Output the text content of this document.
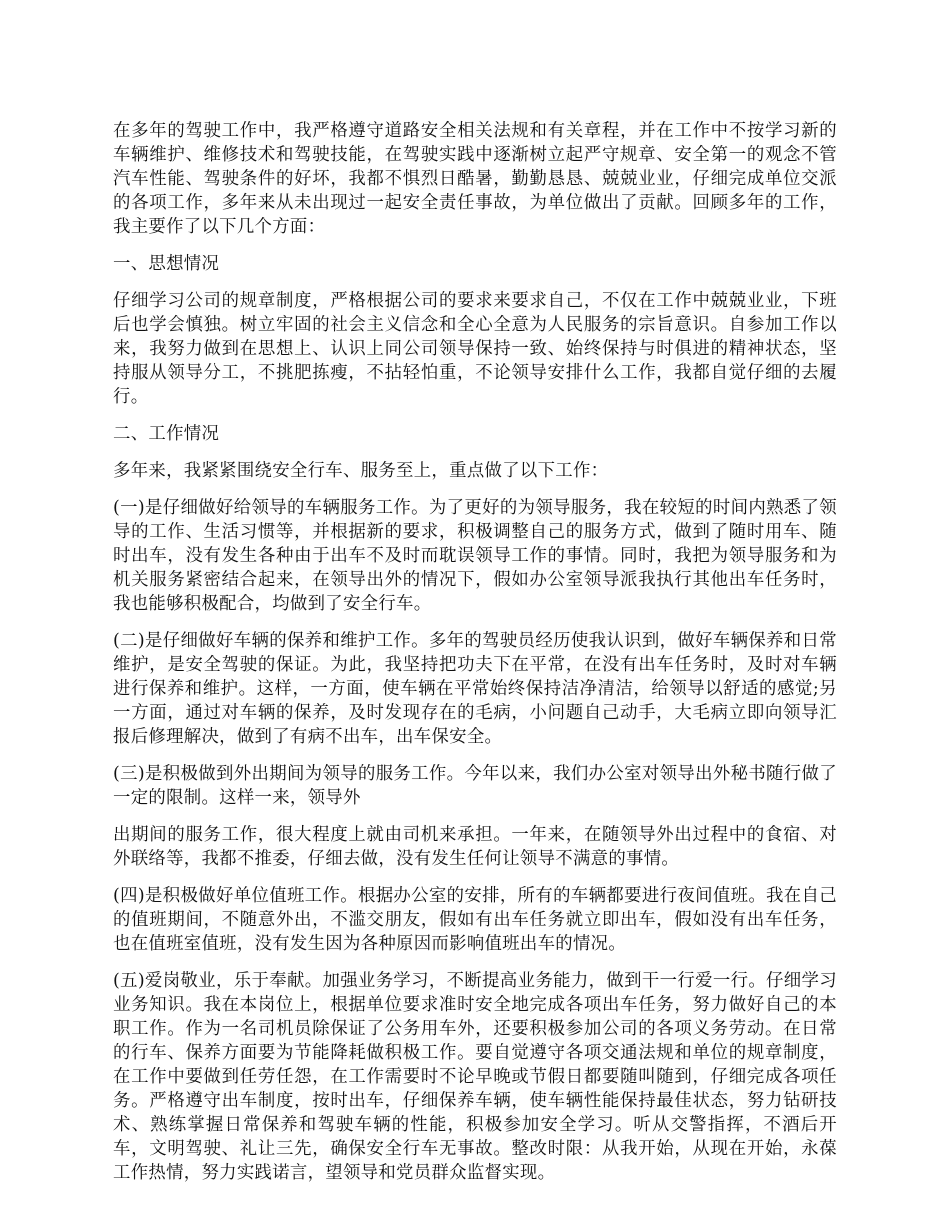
在多年的驾驶工作中，我严格遵守道路安全相关法规和有关章程，并在工作中不按学习新的车辆维护、维修技术和驾驶技能，在驾驶实践中逐渐树立起严守规章、安全第一的观念不管汽车性能、驾驶条件的好坏，我都不惧烈日酷暑，勤勤恳恳、兢兢业业，仔细完成单位交派的各项工作，多年来从未出现过一起安全责任事故，为单位做出了贡献。回顾多年的工作，我主要作了以下几个方面：

一、思想情况

仔细学习公司的规章制度，严格根据公司的要求来要求自己，不仅在工作中兢兢业业，下班后也学会慎独。树立牢固的社会主义信念和全心全意为人民服务的宗旨意识。自参加工作以来，我努力做到在思想上、认识上同公司领导保持一致、始终保持与时俱进的精神状态，坚持服从领导分工，不挑肥拣瘦，不拈轻怕重，不论领导安排什么工作，我都自觉仔细的去履行。

二、工作情况

多年来，我紧紧围绕安全行车、服务至上，重点做了以下工作：

(一)是仔细做好给领导的车辆服务工作。为了更好的为领导服务，我在较短的时间内熟悉了领导的工作、生活习惯等，并根据新的要求，积极调整自己的服务方式，做到了随时用车、随时出车，没有发生各种由于出车不及时而耽误领导工作的事情。同时，我把为领导服务和为机关服务紧密结合起来，在领导出外的情况下，假如办公室领导派我执行其他出车任务时，我也能够积极配合，均做到了安全行车。

(二)是仔细做好车辆的保养和维护工作。多年的驾驶员经历使我认识到，做好车辆保养和日常维护，是安全驾驶的保证。为此，我坚持把功夫下在平常，在没有出车任务时，及时对车辆进行保养和维护。这样，一方面，使车辆在平常始终保持洁净清洁，给领导以舒适的感觉;另一方面，通过对车辆的保养，及时发现存在的毛病，小问题自己动手，大毛病立即向领导汇报后修理解决，做到了有病不出车，出车保安全。

(三)是积极做到外出期间为领导的服务工作。今年以来，我们办公室对领导出外秘书随行做了一定的限制。这样一来，领导外

出期间的服务工作，很大程度上就由司机来承担。一年来，在随领导外出过程中的食宿、对外联络等，我都不推委，仔细去做，没有发生任何让领导不满意的事情。

(四)是积极做好单位值班工作。根据办公室的安排，所有的车辆都要进行夜间值班。我在自己的值班期间，不随意外出，不滥交朋友，假如有出车任务就立即出车，假如没有出车任务，也在值班室值班，没有发生因为各种原因而影响值班出车的情况。

(五)爱岗敬业，乐于奉献。加强业务学习，不断提高业务能力，做到干一行爱一行。仔细学习业务知识。我在本岗位上，根据单位要求准时安全地完成各项出车任务，努力做好自己的本职工作。作为一名司机员除保证了公务用车外，还要积极参加公司的各项义务劳动。在日常的行车、保养方面要为节能降耗做积极工作。要自觉遵守各项交通法规和单位的规章制度，在工作中要做到任劳任怨，在工作需要时不论早晚或节假日都要随叫随到，仔细完成各项任务。严格遵守出车制度，按时出车，仔细保养车辆，使车辆性能保持最佳状态，努力钻研技术、熟练掌握日常保养和驾驶车辆的性能，积极参加安全学习。听从交警指挥，不酒后开车，文明驾驶、礼让三先，确保安全行车无事故。整改时限：从我开始，从现在开始，永葆工作热情，努力实践诺言，望领导和党员群众监督实现。
